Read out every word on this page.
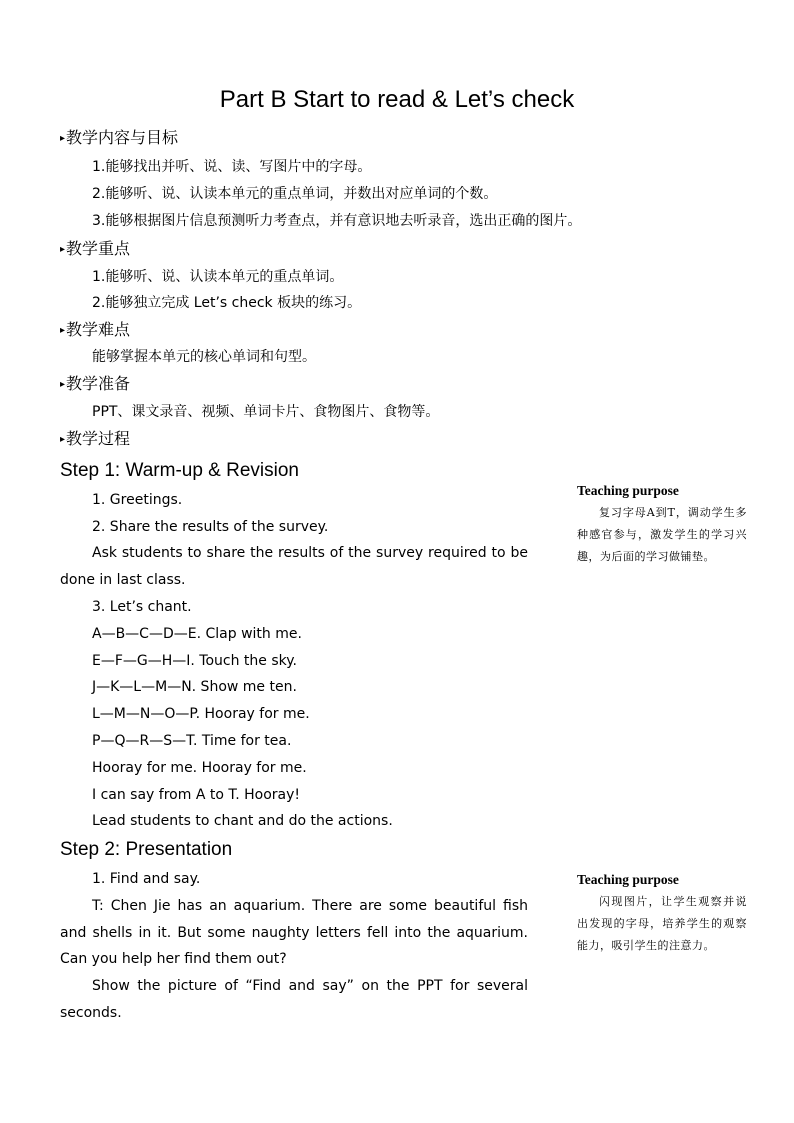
Part B Start to read & Let’s check
▸教学内容与目标
1.能够找出并听、说、读、写图片中的字母。
2.能够听、说、认读本单元的重点单词，并数出对应单词的个数。
3.能够根据图片信息预测听力考查点，并有意识地去听录音，选出正确的图片。
▸教学重点
1.能够听、说、认读本单元的重点单词。
2.能够独立完成 Let’s check 板块的练习。
▸教学难点
能够掌握本单元的核心单词和句型。
▸教学准备
PPT、课文录音、视频、单词卡片、食物图片、食物等。
▸教学过程
Step 1: Warm-up & Revision
1. Greetings.
2. Share the results of the survey.
Ask students to share the results of the survey required to be done in last class.
3. Let’s chant.
A—B—C—D—E. Clap with me.
E—F—G—H—I. Touch the sky.
J—K—L—M—N. Show me ten.
L—M—N—O—P. Hooray for me.
P—Q—R—S—T. Time for tea.
Hooray for me. Hooray for me.
I can say from A to T. Hooray!
Lead students to chant and do the actions.
Step 2: Presentation
1. Find and say.
T: Chen Jie has an aquarium. There are some beautiful fish and shells in it. But some naughty letters fell into the aquarium. Can you help her find them out?
Show the picture of “Find and say” on the PPT for several seconds.
Teaching purpose
复习字母A到T，调动学生多种感官参与，激发学生的学习兴趣，为后面的学习做铺垫。
Teaching purpose
闪现图片，让学生观察并说出发现的字母，培养学生的观察能力，吸引学生的注意力。
